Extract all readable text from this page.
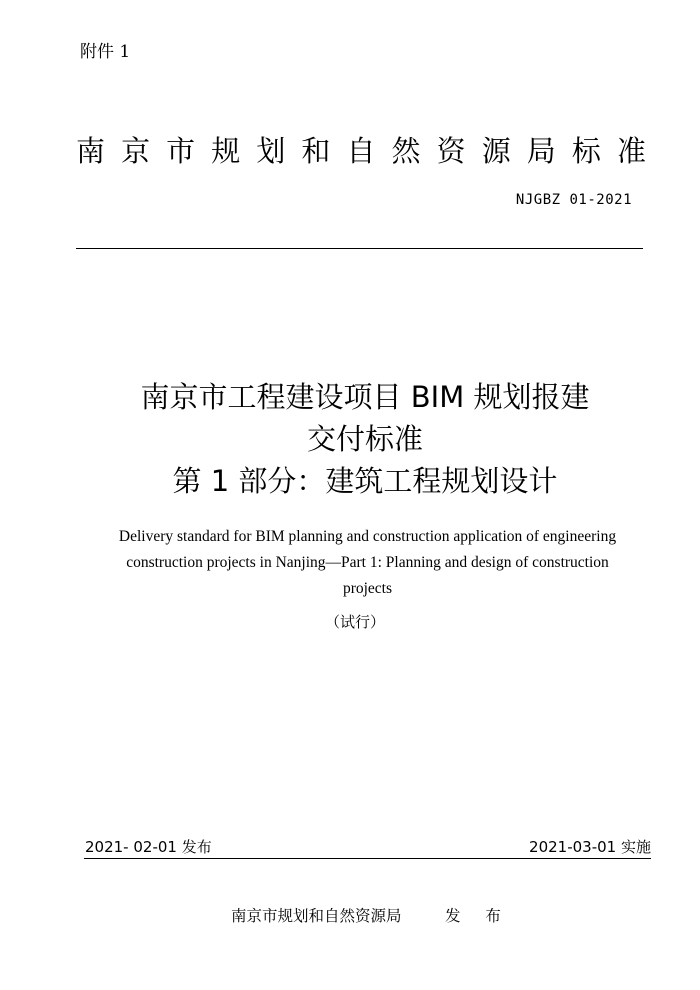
附件 1
南 京 市 规 划 和 自 然 资 源 局 标 准
NJGBZ 01-2021
南京市工程建设项目 BIM 规划报建
交付标准
第 1 部分：建筑工程规划设计
Delivery standard for BIM planning and construction application of engineering
construction projects in Nanjing—Part 1: Planning and design of construction
projects
（试行）
2021- 02-01 发布	2021-03-01 实施
南京市规划和自然资源局	发 布
